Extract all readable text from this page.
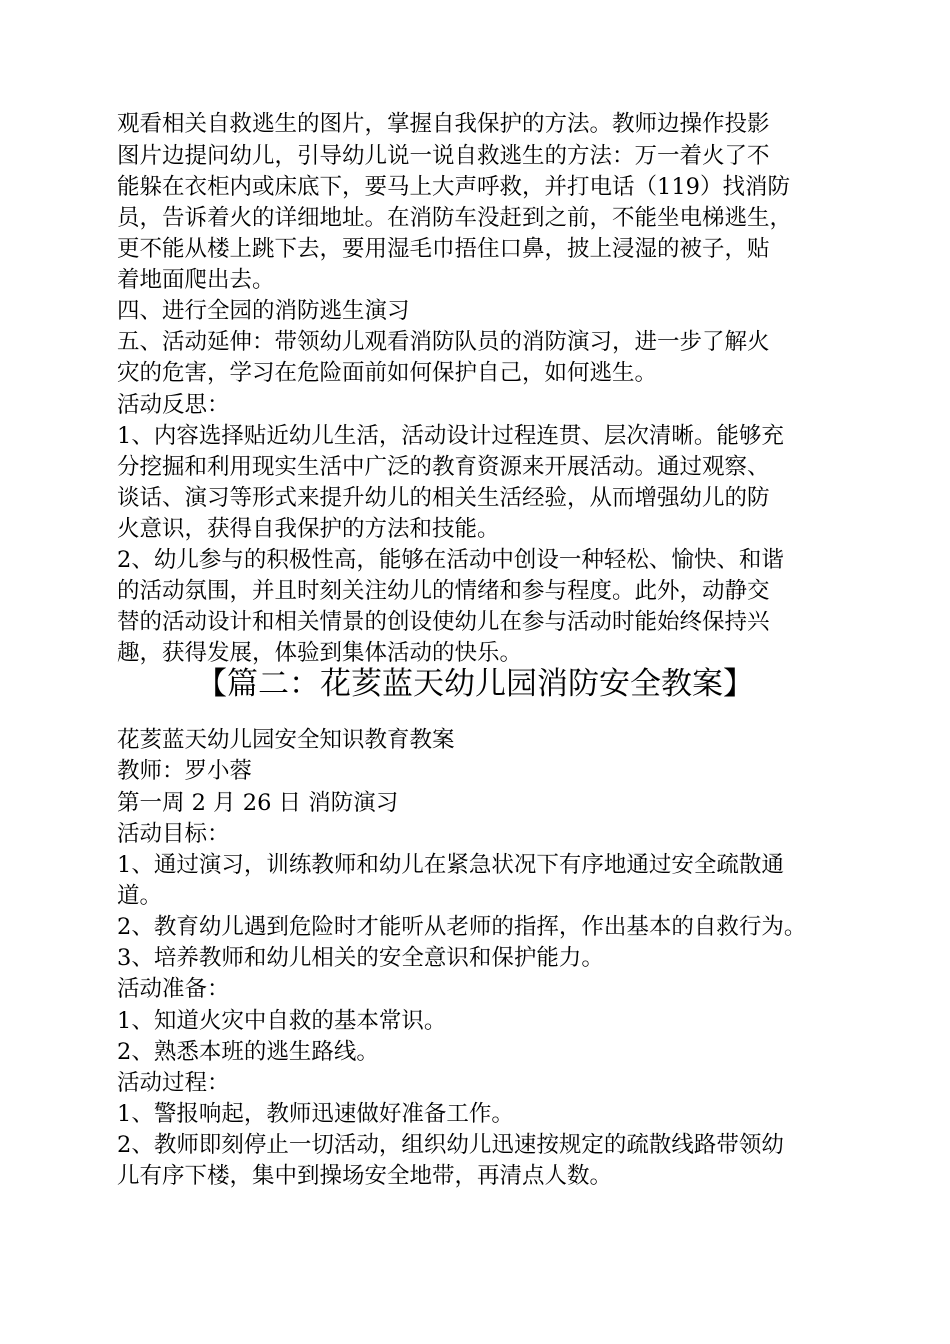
观看相关自救逃生的图片，掌握自我保护的方法。教师边操作投影
图片边提问幼儿，引导幼儿说一说自救逃生的方法：万一着火了不
能躲在衣柜内或床底下，要马上大声呼救，并打电话（119）找消防
员，告诉着火的详细地址。在消防车没赶到之前，不能坐电梯逃生，
更不能从楼上跳下去，要用湿毛巾捂住口鼻，披上浸湿的被子，贴
着地面爬出去。
四、进行全园的消防逃生演习
五、活动延伸：带领幼儿观看消防队员的消防演习，进一步了解火
灾的危害，学习在危险面前如何保护自己，如何逃生。
活动反思：
1、内容选择贴近幼儿生活，活动设计过程连贯、层次清晰。能够充
分挖掘和利用现实生活中广泛的教育资源来开展活动。通过观察、
谈话、演习等形式来提升幼儿的相关生活经验，从而增强幼儿的防
火意识，获得自我保护的方法和技能。
2、幼儿参与的积极性高，能够在活动中创设一种轻松、愉快、和谐
的活动氛围，并且时刻关注幼儿的情绪和参与程度。此外，动静交
替的活动设计和相关情景的创设使幼儿在参与活动时能始终保持兴
趣，获得发展，体验到集体活动的快乐。
【篇二：花荄蓝天幼儿园消防安全教案】
花荄蓝天幼儿园安全知识教育教案
教师：罗小蓉
第一周 2 月 26 日 消防演习
活动目标：
1、通过演习，训练教师和幼儿在紧急状况下有序地通过安全疏散通
道。
2、教育幼儿遇到危险时才能听从老师的指挥，作出基本的自救行为。
3、培养教师和幼儿相关的安全意识和保护能力。
活动准备：
1、知道火灾中自救的基本常识。
2、熟悉本班的逃生路线。
活动过程：
1、警报响起，教师迅速做好准备工作。
2、教师即刻停止一切活动，组织幼儿迅速按规定的疏散线路带领幼
儿有序下楼，集中到操场安全地带，再清点人数。
